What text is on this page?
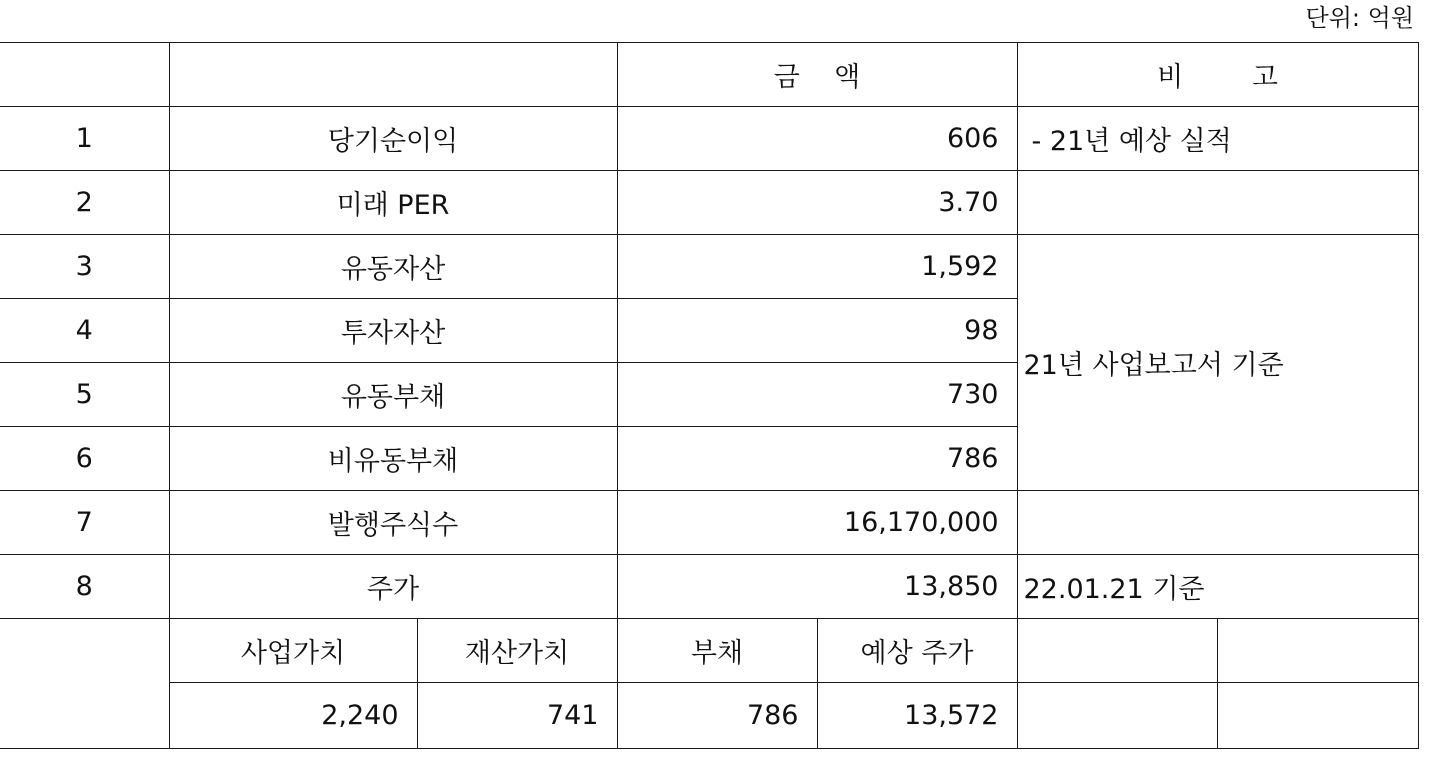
단위: 억원
			금    액		비        고	
1	당기순이익		606		- 21년 예상 실적	
2	미래 PER		3.70			
3	유동자산		1,592		21년 사업보고서 기준	
4	투자자산		98			
5	유동부채		730			
6	비유동부채		786			
7	발행주식수		16,170,000			
8	주가		13,850		22.01.21 기준	
	사업가치	재산가치	부채	예상 주가		
	2,240	741	786	13,572		
